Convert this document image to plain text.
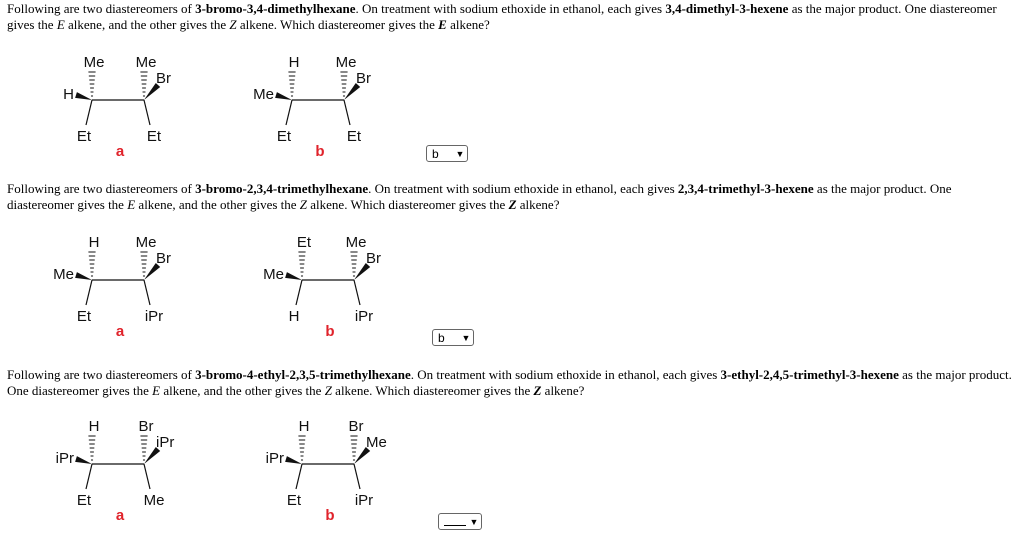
Following are two diastereomers of 3-bromo-3,4-dimethylhexane. On treatment with sodium ethoxide in ethanol, each gives 3,4-dimethyl-3-hexene as the major product. One diastereomer gives the E alkene, and the other gives the Z alkene. Which diastereomer gives the E alkene?
Me
H
Et
Me
Br
Et
a
H
Me
Et
Me
Br
Et
b	b	▼
Following are two diastereomers of 3-bromo-2,3,4-trimethylhexane. On treatment with sodium ethoxide in ethanol, each gives 2,3,4-trimethyl-3-hexene as the major product. One diastereomer gives the E alkene, and the other gives the Z alkene. Which diastereomer gives the Z alkene?
H
Me
Et
Me
Br
iPr
a
Et
Me
H
Me
Br
iPr
b	b	▼
Following are two diastereomers of 3-bromo-4-ethyl-2,3,5-trimethylhexane. On treatment with sodium ethoxide in ethanol, each gives 3-ethyl-2,4,5-trimethyl-3-hexene as the major product. One diastereomer gives the E alkene, and the other gives the Z alkene. Which diastereomer gives the Z alkene?
H
iPr
Et
Br
iPr
Me
a
H
iPr
Et
Br
Me
iPr
b	▼
